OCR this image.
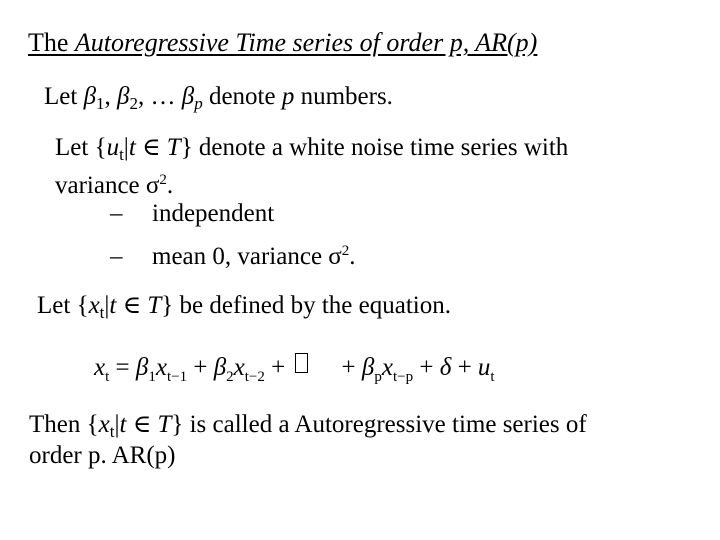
The Autoregressive Time series of order p, AR(p)
Let $\beta_1$, $\beta_2$, … $\beta_p$ denote p numbers.
Let {$u_t|t$ ∈ T} denote a white noise time series with
variance $\sigma^2$.
– independent
– mean 0, variance $\sigma^2$.
Let {$x_t|t$ ∈ T} be defined by the equation.
$x_t = \beta_1x_{t-1} + \beta_2x_{t-2}$ + + $\beta_px_{t-p} + \delta + u_t$
Then {$x_t|t$ ∈ T} is called a Autoregressive time series of
order p. AR(p)
